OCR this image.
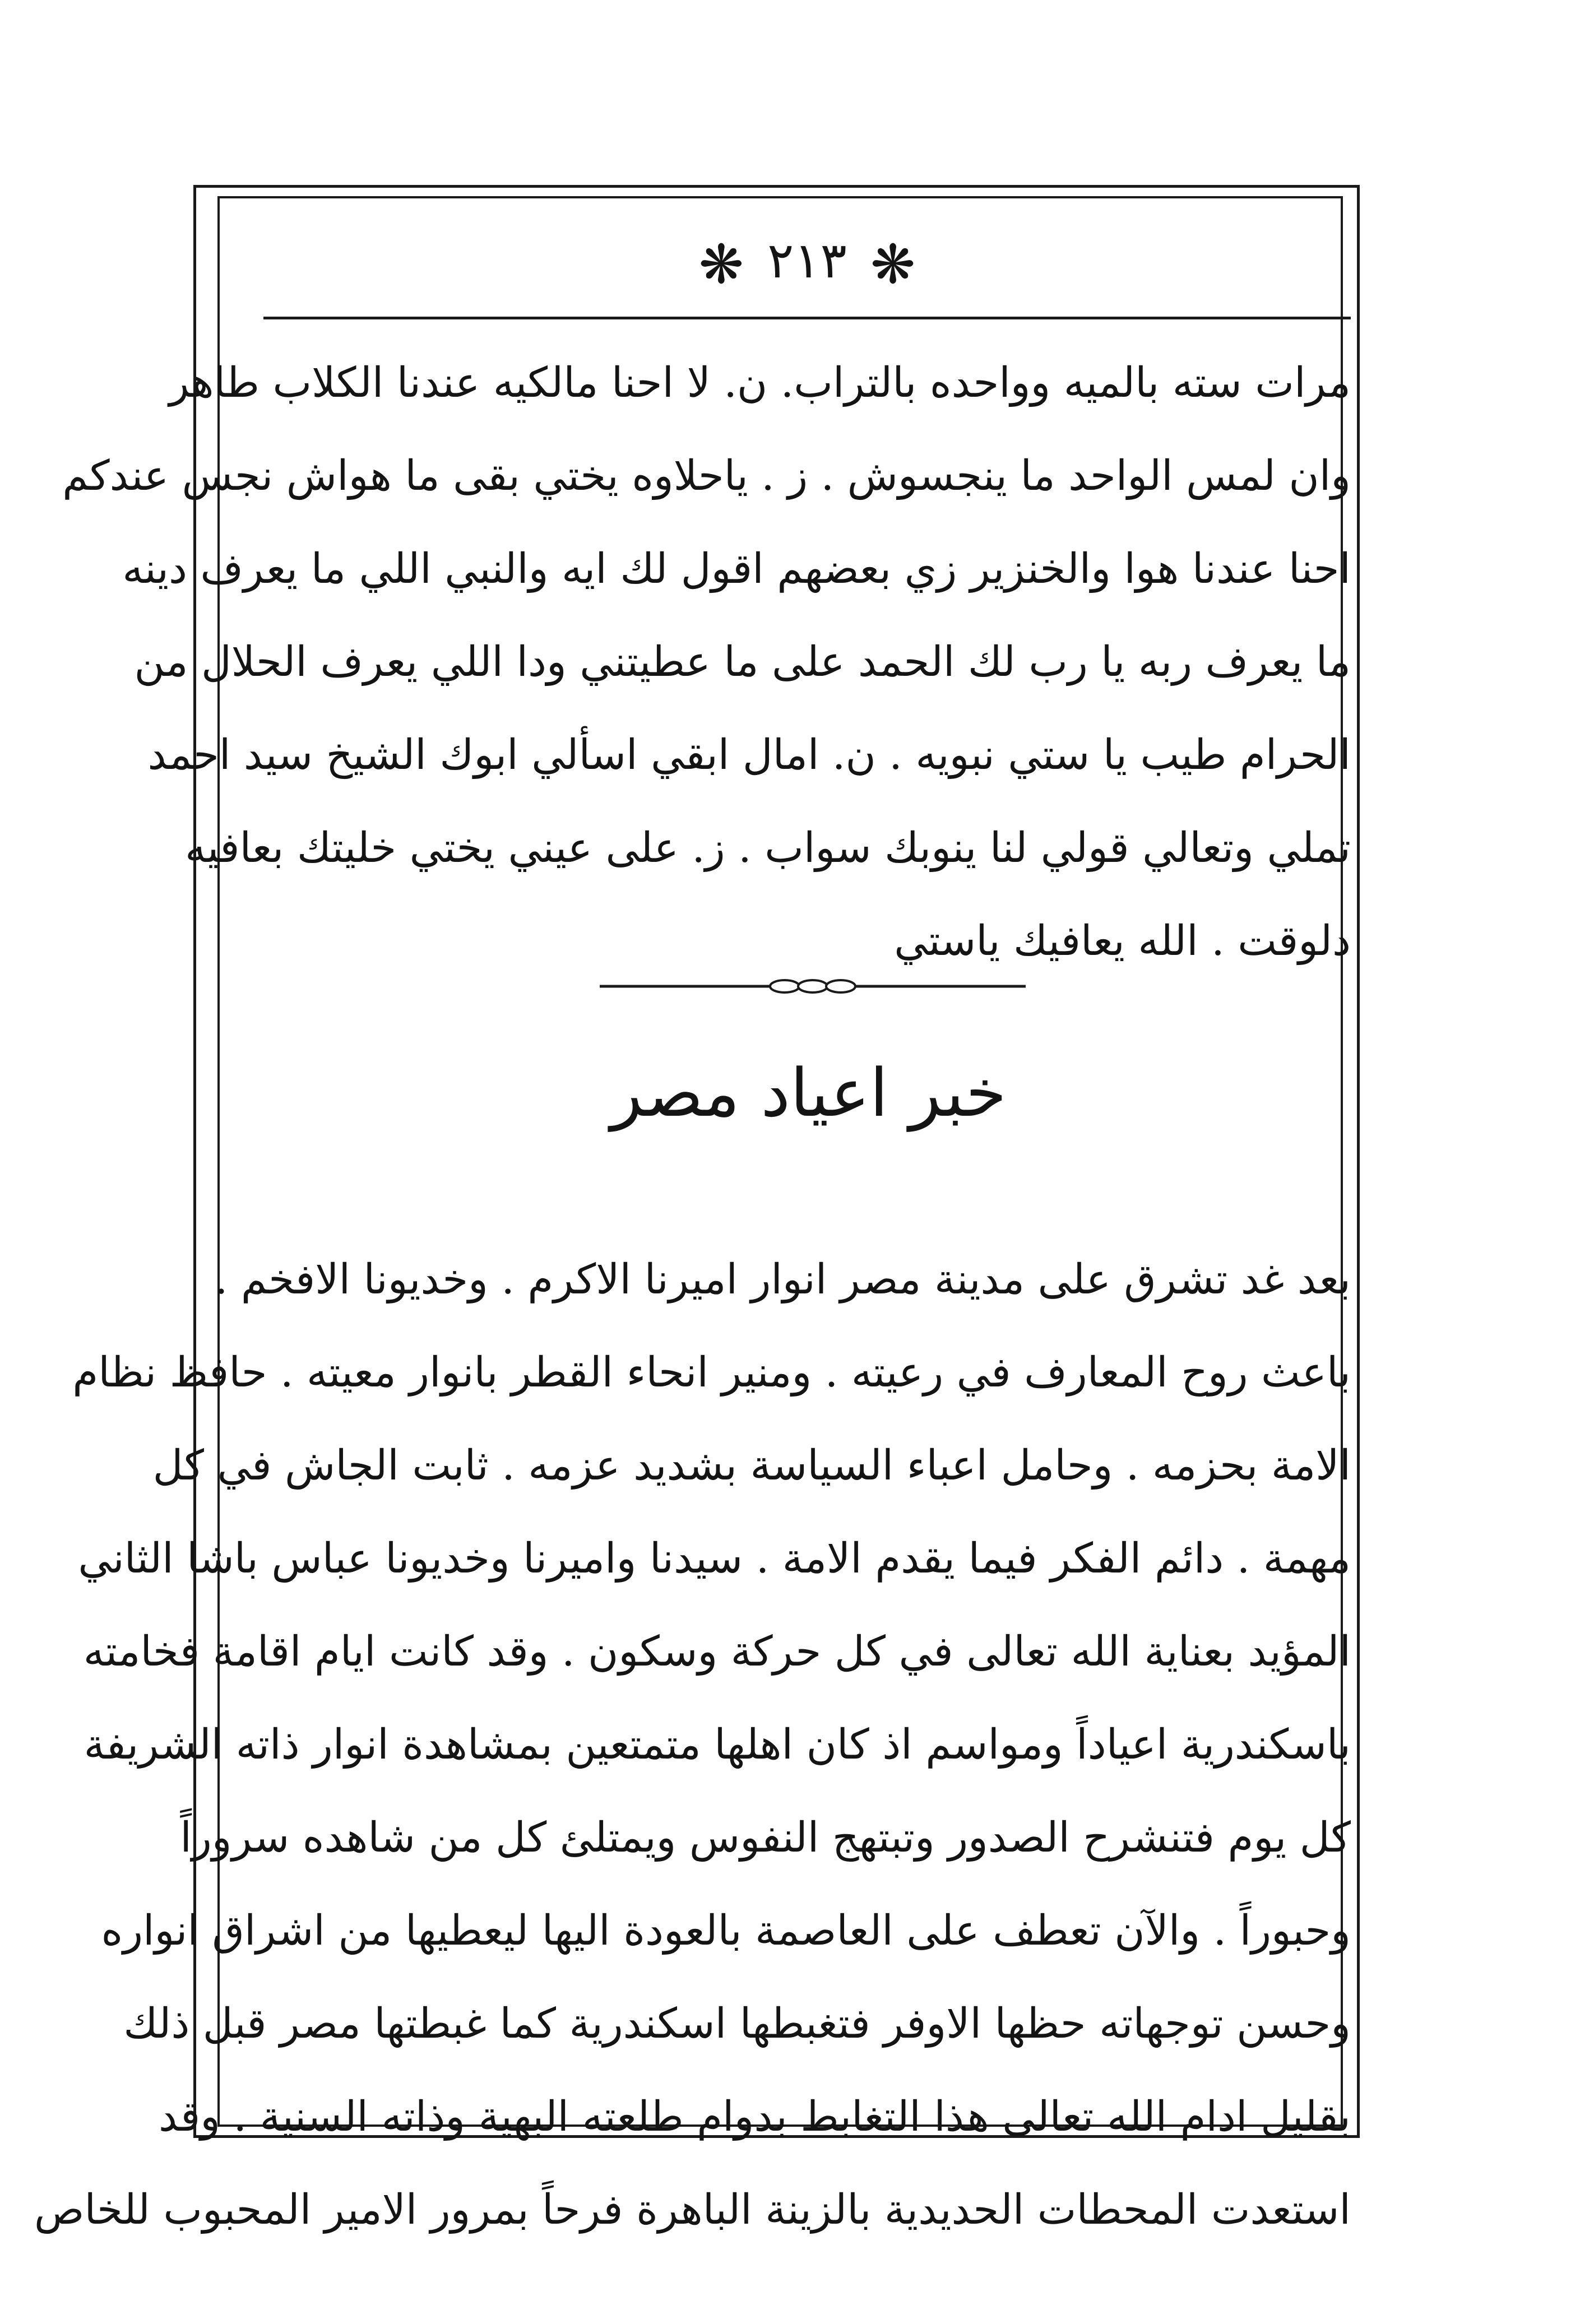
❋ ٢١٣ ❋

مرات سته بالميه وواحده بالتراب. ن. لا احنا مالكيه عندنا الكلاب طاهر

وان لمس الواحد ما ينجسوش . ز . ياحلاوه يختي بقى ما هواش نجس عندكم

احنا عندنا هوا والخنزير زي بعضهم اقول لك ايه والنبي اللي ما يعرف دينه

ما يعرف ربه يا رب لك الحمد على ما عطيتني ودا اللي يعرف الحلال من

الحرام طيب يا ستي نبويه . ن. امال ابقي اسألي ابوك الشيخ سيد احمد

تملي وتعالي قولي لنا ينوبك سواب . ز. على عيني يختي خليتك بعافيه

دلوقت . الله يعافيك ياستي

خبر اعياد مصر

بعد غد تشرق على مدينة مصر انوار اميرنا الاكرم . وخديونا الافخم .

باعث روح المعارف في رعيته . ومنير انحاء القطر بانوار معيته . حافظ نظام

الامة بحزمه . وحامل اعباء السياسة بشديد عزمه . ثابت الجاش في كل

مهمة . دائم الفكر فيما يقدم الامة . سيدنا واميرنا وخديونا عباس باشا الثاني

المؤيد بعناية الله تعالى في كل حركة وسكون . وقد كانت ايام اقامة فخامته

باسكندرية اعياداً ومواسم اذ كان اهلها متمتعين بمشاهدة انوار ذاته الشريفة

كل يوم فتنشرح الصدور وتبتهج النفوس ويمتلئ كل من شاهده سروراً

وحبوراً . والآن تعطف على العاصمة بالعودة اليها ليعطيها من اشراق انواره

وحسن توجهاته حظها الاوفر فتغبطها اسكندرية كما غبطتها مصر قبل ذلك

بقليل ادام الله تعالى هذا التغابط بدوام طلعته البهية وذاته السنية . وقد

استعدت المحطات الحديدية بالزينة الباهرة فرحاً بمرور الامير المحبوب للخاص
